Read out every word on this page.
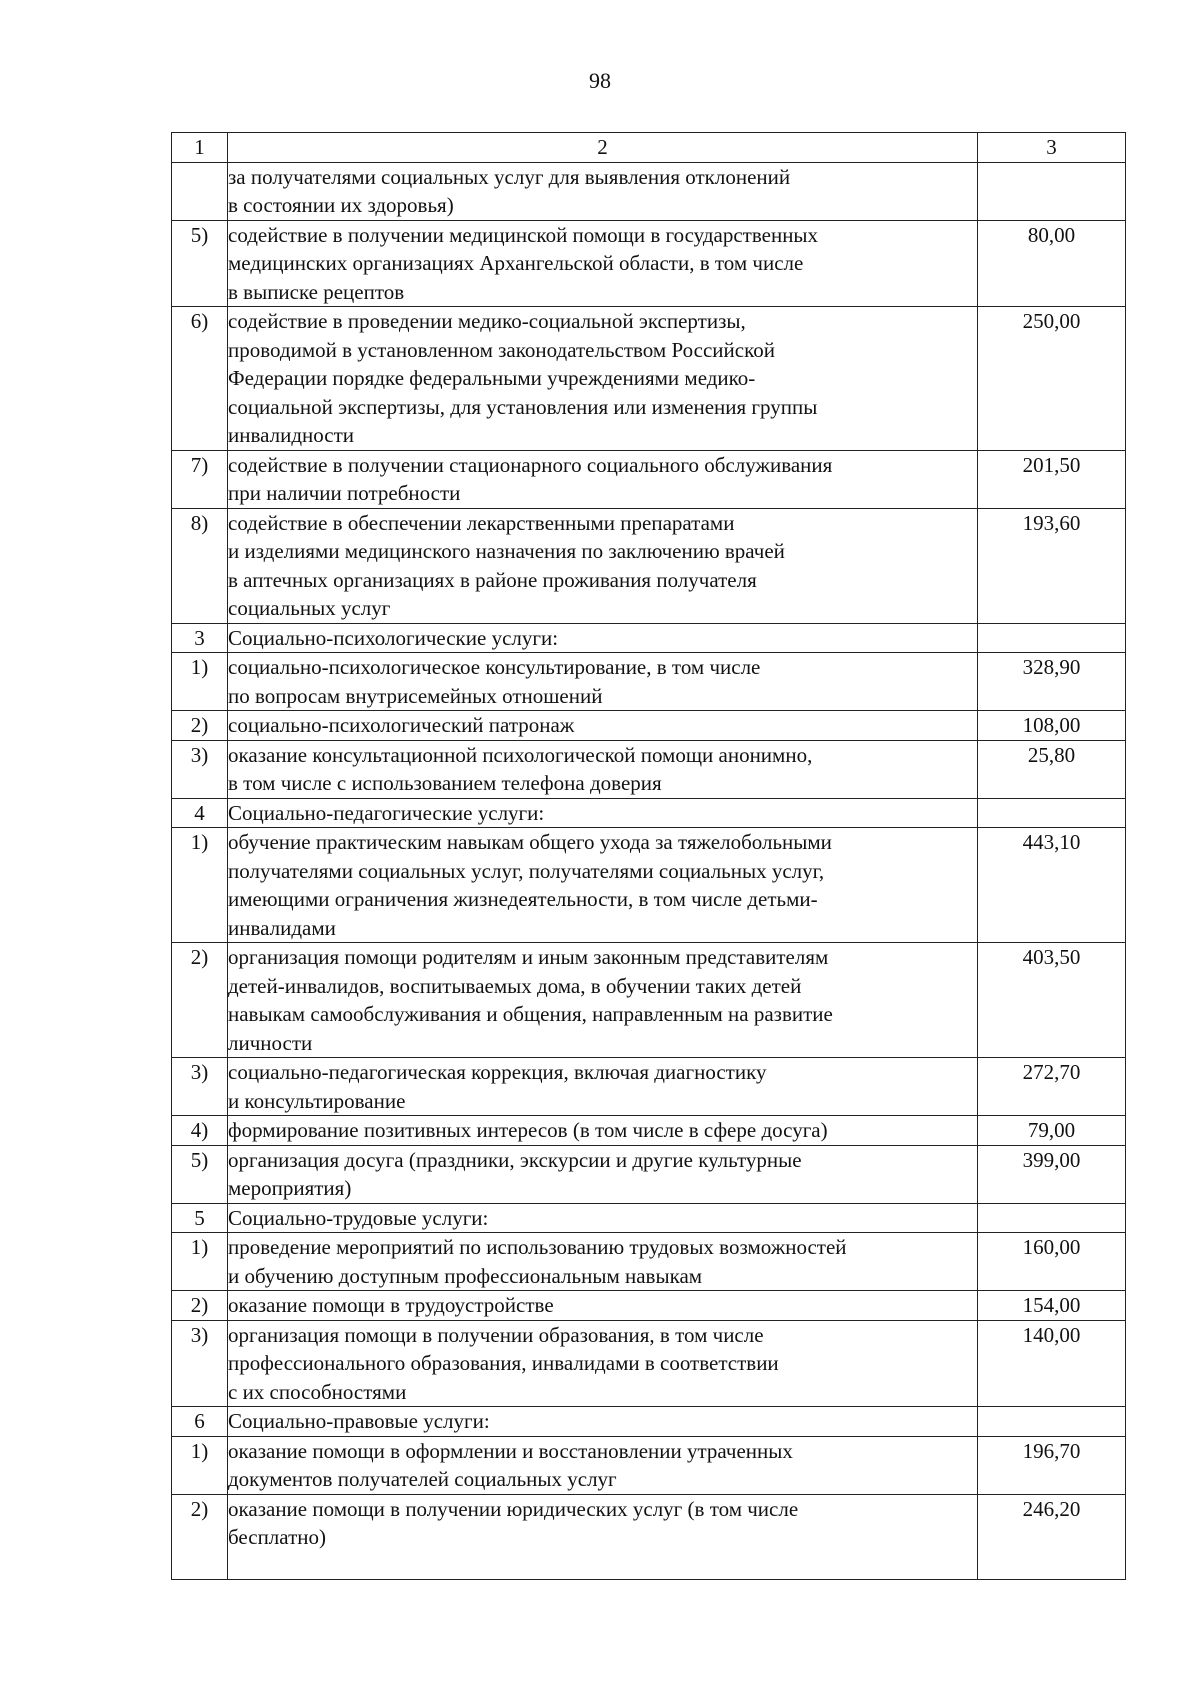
98
1	2	3

	за получателями социальных услуг для выявления отклонений
в состоянии их здоровья)	

5)	содействие в получении медицинской помощи в государственных
медицинских организациях Архангельской области, в том числе
в выписке рецептов	80,00
6)	содействие в проведении медико-социальной экспертизы,
проводимой в установленном законодательством Российской
Федерации порядке федеральными учреждениями медико-
социальной экспертизы, для установления или изменения группы
инвалидности	250,00
7)	содействие в получении стационарного социального обслуживания
при наличии потребности	201,50
8)	содействие в обеспечении лекарственными препаратами
и изделиями медицинского назначения по заключению врачей
в аптечных организациях в районе проживания получателя
социальных услуг	193,60
3	Социально-психологические услуги:	

1)	социально-психологическое консультирование, в том числе
по вопросам внутрисемейных отношений	328,90
2)	социально-психологический патронаж	108,00
3)	оказание консультационной психологической помощи анонимно,
в том числе с использованием телефона доверия	25,80
4	Социально-педагогические услуги:	

1)	обучение практическим навыкам общего ухода за тяжелобольными
получателями социальных услуг, получателями социальных услуг,
имеющими ограничения жизнедеятельности, в том числе детьми-
инвалидами	443,10
2)	организация помощи родителям и иным законным представителям
детей-инвалидов, воспитываемых дома, в обучении таких детей
навыкам самообслуживания и общения, направленным на развитие
личности	403,50
3)	социально-педагогическая коррекция, включая диагностику
и консультирование	272,70
4)	формирование позитивных интересов (в том числе в сфере досуга)	79,00
5)	организация досуга (праздники, экскурсии и другие культурные
мероприятия)	399,00
5	Социально-трудовые услуги:	

1)	проведение мероприятий по использованию трудовых возможностей
и обучению доступным профессиональным навыкам	160,00
2)	оказание помощи в трудоустройстве	154,00
3)	организация помощи в получении образования, в том числе
профессионального образования, инвалидами в соответствии
с их способностями	140,00
6	Социально-правовые услуги:	

1)	оказание помощи в оформлении и восстановлении утраченных
документов получателей социальных услуг	196,70
2)	оказание помощи в получении юридических услуг (в том числе
бесплатно)	246,20
